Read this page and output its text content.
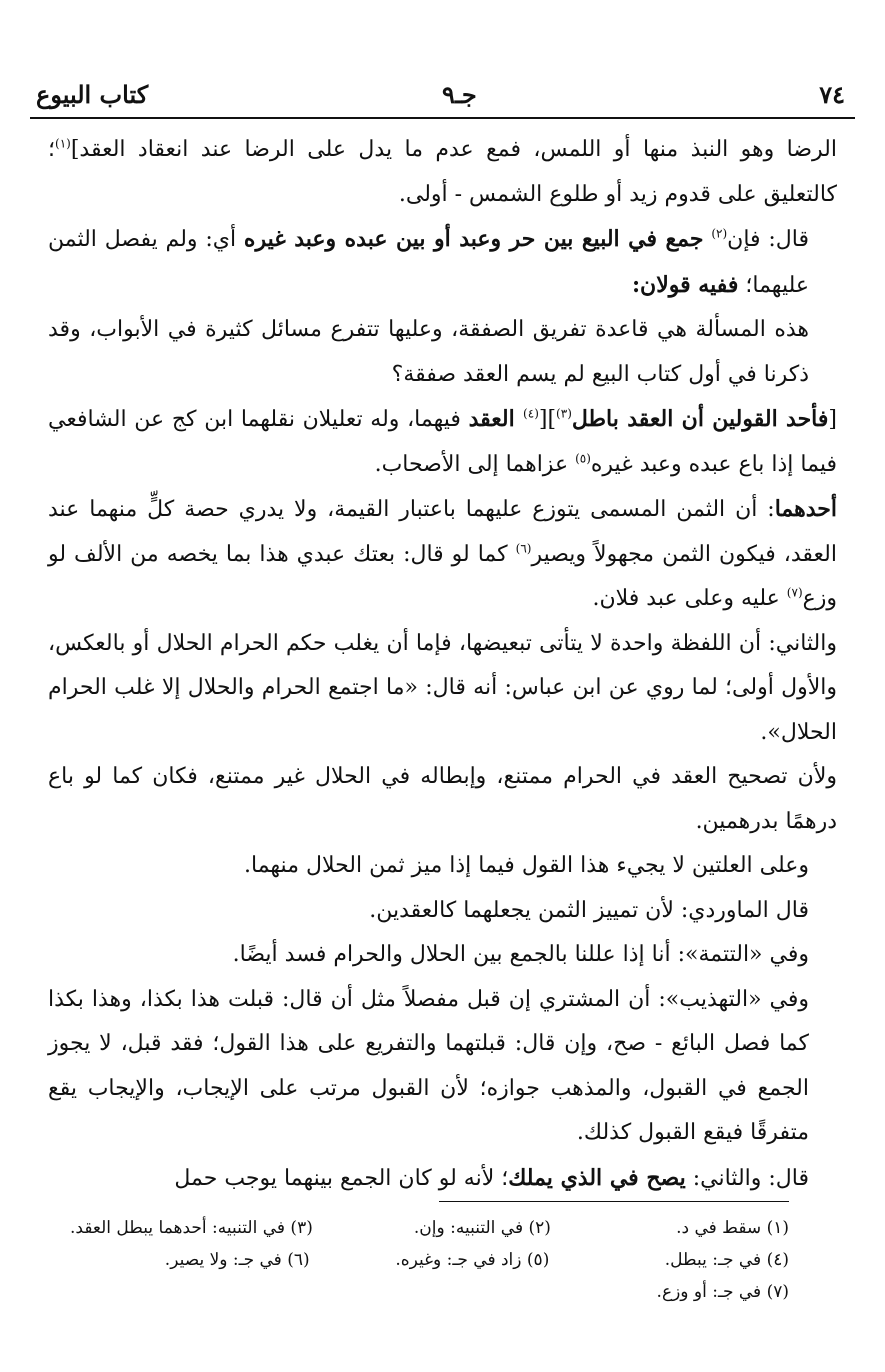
٧٤
جـ٩
كتاب البيوع

الرضا وهو النبذ منها أو اللمس، فمع عدم ما يدل على الرضا عند انعقاد العقد]$^{(١)}$؛ كالتعليق على قدوم زيد أو طلوع الشمس - أولى.

قال: فإن$^{(٢)}$ جمع في البيع بين حر وعبد أو بين عبده وعبد غيره أي: ولم يفصل الثمن عليهما؛ ففيه قولان:

هذه المسألة هي قاعدة تفريق الصفقة، وعليها تتفرع مسائل كثيرة في الأبواب، وقد ذكرنا في أول كتاب البيع لم يسم العقد صفقة؟

[فأحد القولين أن العقد باطل$^{(٣)}$][$^{(٤)}$ العقد فيهما، وله تعليلان نقلهما ابن كج عن الشافعي فيما إذا باع عبده وعبد غيره$^{(٥)}$ عزاهما إلى الأصحاب.

أحدهما: أن الثمن المسمى يتوزع عليهما باعتبار القيمة، ولا يدري حصة كلٍّ منهما عند العقد، فيكون الثمن مجهولاً ويصير$^{(٦)}$ كما لو قال: بعتك عبدي هذا بما يخصه من الألف لو وزع$^{(٧)}$ عليه وعلى عبد فلان.

والثاني: أن اللفظة واحدة لا يتأتى تبعيضها، فإما أن يغلب حكم الحرام الحلال أو بالعكس، والأول أولى؛ لما روي عن ابن عباس: أنه قال: «ما اجتمع الحرام والحلال إلا غلب الحرام الحلال».

ولأن تصحيح العقد في الحرام ممتنع، وإبطاله في الحلال غير ممتنع، فكان كما لو باع درهمًا بدرهمين.

وعلى العلتين لا يجيء هذا القول فيما إذا ميز ثمن الحلال منهما.

قال الماوردي: لأن تمييز الثمن يجعلهما كالعقدين.

وفي «التتمة»: أنا إذا عللنا بالجمع بين الحلال والحرام فسد أيضًا.

وفي «التهذيب»: أن المشتري إن قبل مفصلاً مثل أن قال: قبلت هذا بكذا، وهذا بكذا كما فصل البائع - صح، وإن قال: قبلتهما والتفريع على هذا القول؛ فقد قبل، لا يجوز الجمع في القبول، والمذهب جوازه؛ لأن القبول مرتب على الإيجاب، والإيجاب يقع متفرقًا فيقع القبول كذلك.

قال: والثاني: يصح في الذي يملك؛ لأنه لو كان الجمع بينهما يوجب حمل

(١) سقط في د.
(٢) في التنبيه: وإن.
(٣) في التنبيه: أحدهما يبطل العقد.
(٤) في جـ: يبطل.
(٥) زاد في جـ: وغيره.
(٦) في جـ: ولا يصير.
(٧) في جـ: أو وزع.
